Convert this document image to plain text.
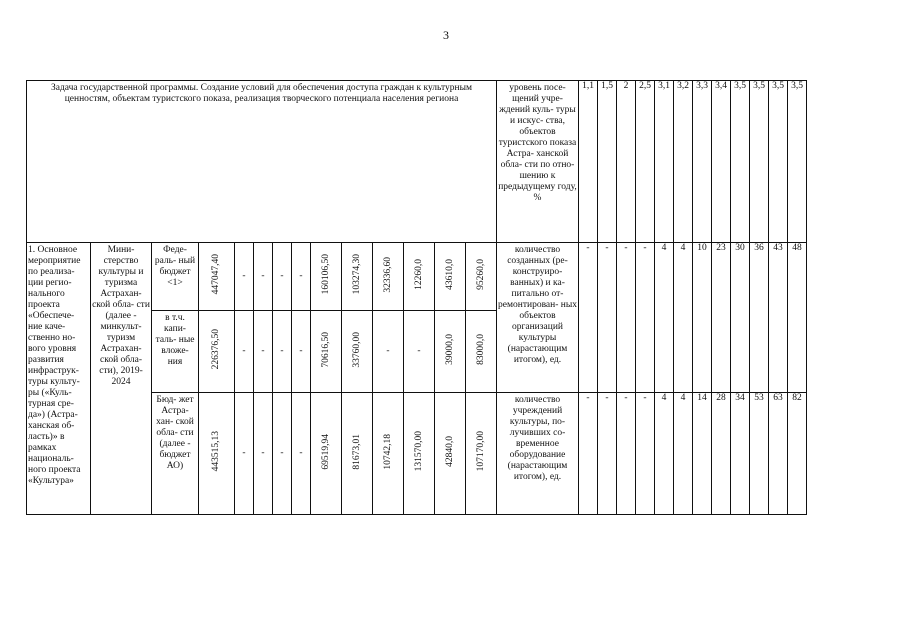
3
Задача государственной программы. Создание условий для обеспечения доступа граждан к культурным ценностям, объектам туристского показа, реализация творческого потенциала населения региона														уровень посе- щений учре- ждений куль- туры и искус- ства, объектов туристского показа Астра- ханской обла- сти по отно- шению к предыдущему году, %	1,1	1,5	2	2,5	3,1	3,2	3,3	3,4	3,5	3,5	3,5	3,5
1. Основное мероприятие по реализа- ции регио- нального проекта «Обеспече- ние каче- ственно но- вого уровня развития инфраструк- туры культу- ры («Куль- турная сре- да») (Астра- ханская об- ласть)» в рамках националь- ного проекта «Культура»	Мини- стерство культуры и туризма Астрахан- ской обла- сти (далее - минкульт- туризм Астрахан- ской обла- сти), 2019-2024	Феде- раль- ный бюджет <1>	447047,40	-	-	-	-	160106,50	103274,30	32336,60	12260,0	43610,0	95260,0	количество созданных (ре- конструиро- ванных) и ка- питально от- ремонтирован- ных объектов организаций культуры (нарастающим итогом), ед.	-	-	-	-	4	4	10	23	30	36	43	48
		в т.ч. капи- таль- ные вложе- ния	226376,50	-	-	-	-	70616,50	33760,00	-	-	39000,0	83000,0													
		Бюд- жет Астра- хан- ской обла- сти (далее - бюджет АО)	443515,13	-	-	-	-	69519,94	81673,01	10742,18	131570,00	42840,0	107170,00	количество учреждений культуры, по- лучивших со- временное оборудование (нарастающим итогом), ед.	-	-	-	-	4	4	14	28	34	53	63	82
